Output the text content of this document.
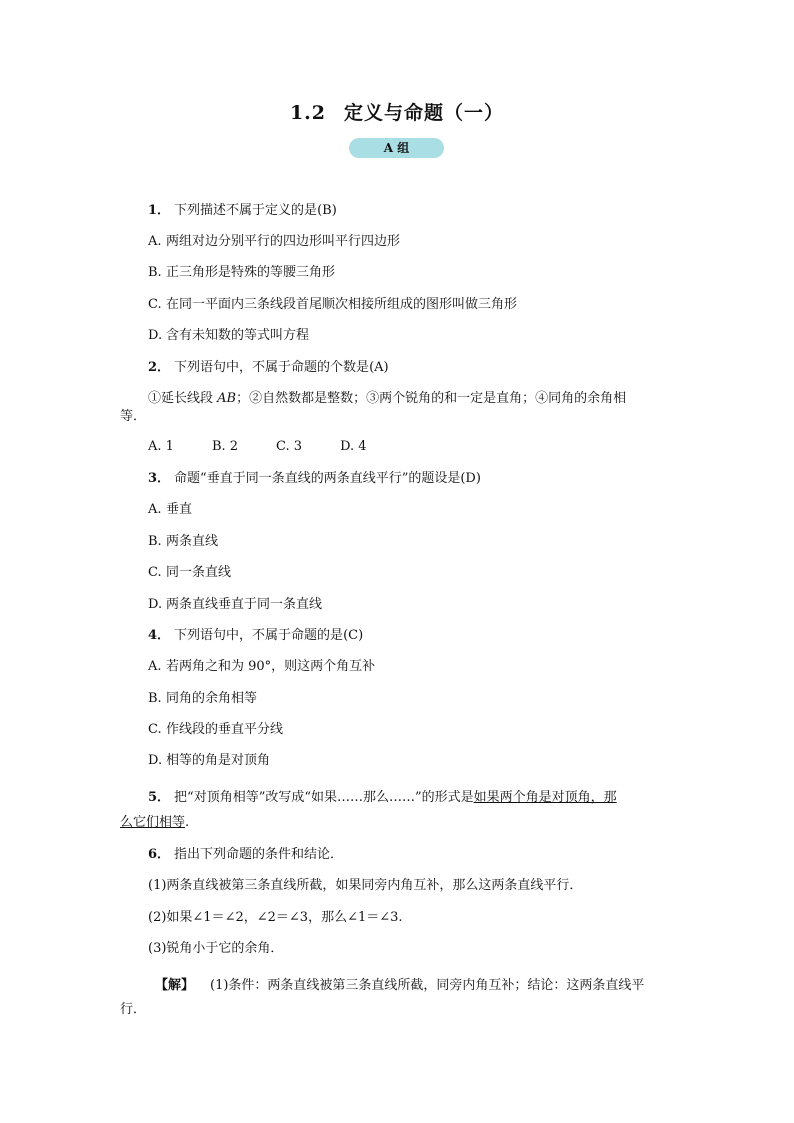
1.2 定义与命题（一）
A 组
1． 下列描述不属于定义的是(B)
A. 两组对边分别平行的四边形叫平行四边形
B. 正三角形是特殊的等腰三角形
C. 在同一平面内三条线段首尾顺次相接所组成的图形叫做三角形
D. 含有未知数的等式叫方程
2． 下列语句中，不属于命题的个数是(A)
①延长线段 AB；②自然数都是整数；③两个锐角的和一定是直角；④同角的余角相
等．
A. 1	B. 2	C. 3	D. 4
3． 命题“垂直于同一条直线的两条直线平行”的题设是(D)
A. 垂直
B. 两条直线
C. 同一条直线
D. 两条直线垂直于同一条直线
4． 下列语句中，不属于命题的是(C)
A. 若两角之和为 90°，则这两个角互补
B. 同角的余角相等
C. 作线段的垂直平分线
D. 相等的角是对顶角
5． 把“对顶角相等”改写成“如果……那么……”的形式是如果两个角是对顶角，那
么它们相等.
6． 指出下列命题的条件和结论．
(1)两条直线被第三条直线所截，如果同旁内角互补，那么这两条直线平行．
(2)如果∠1＝∠2，∠2＝∠3，那么∠1＝∠3.
(3)锐角小于它的余角．
【解】 (1)条件：两条直线被第三条直线所截，同旁内角互补；结论：这两条直线平
行．
